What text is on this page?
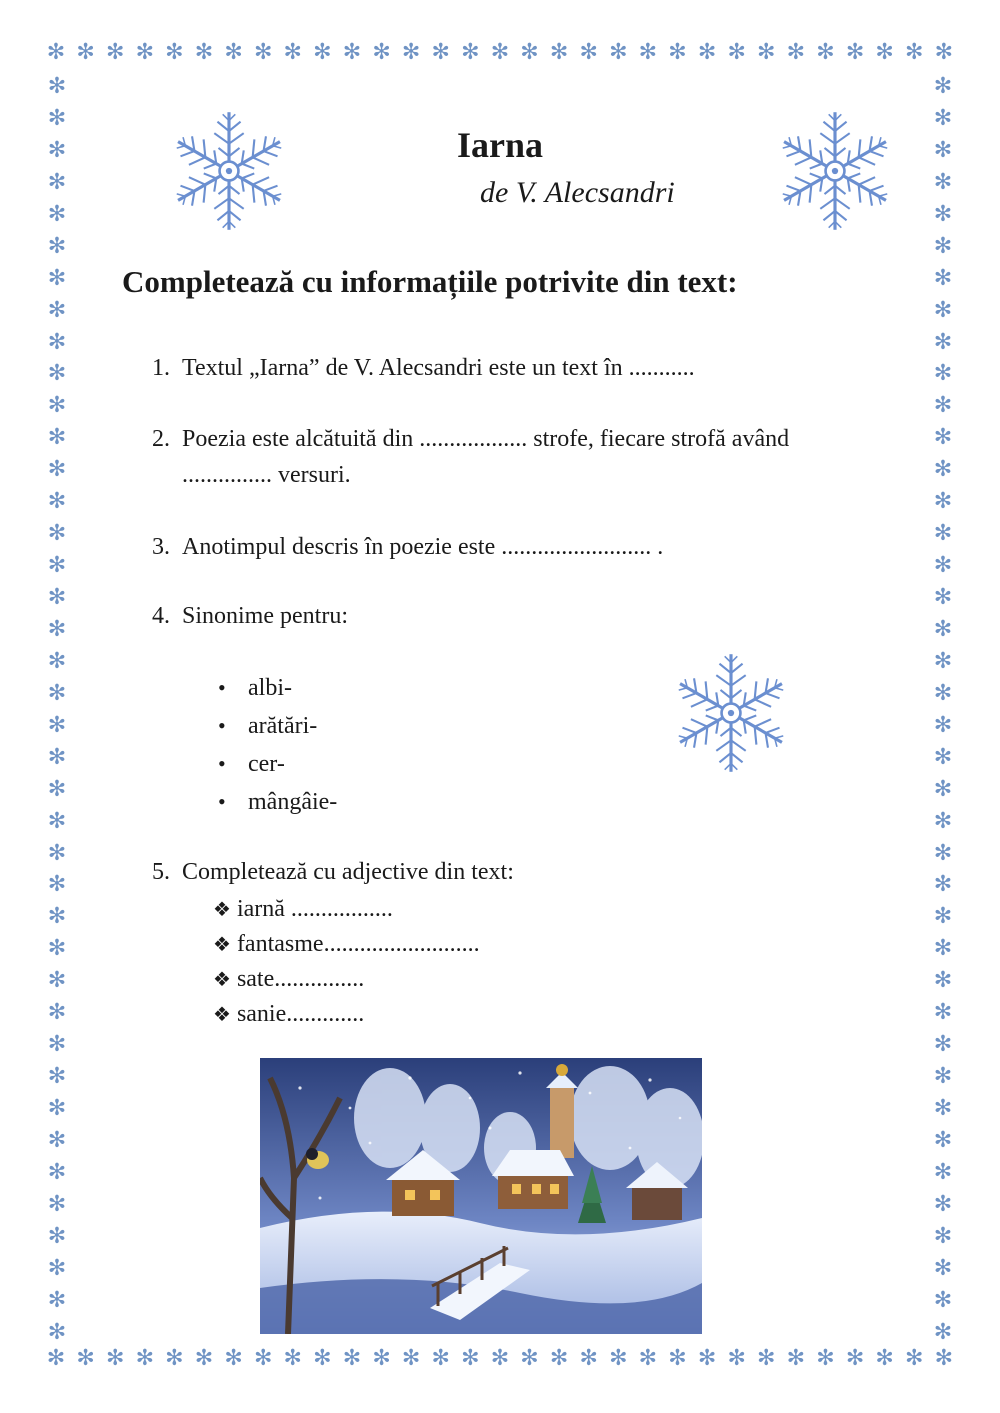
✻ ✻ ✻ ✻ ✻ ✻ ✻ ✻ ✻ ✻ ✻ ✻ ✻ ✻ ✻ ✻ ✻ ✻ ✻ ✻ ✻ ✻ ✻ ✻ ✻ ✻ ✻ ✻ ✻ ✻ ✻
✻ ✻ ✻ ✻ ✻ ✻ ✻ ✻ ✻ ✻ ✻ ✻ ✻ ✻ ✻ ✻ ✻ ✻ ✻ ✻ ✻ ✻ ✻ ✻ ✻ ✻ ✻ ✻ ✻ ✻ ✻
✻
✻
✻
✻
✻
✻
✻
✻
✻
✻
✻
✻
✻
✻
✻
✻
✻
✻
✻
✻
✻
✻
✻
✻
✻
✻
✻
✻
✻
✻
✻
✻
✻
✻
✻
✻
✻
✻
✻
✻
✻
✻
✻
✻
✻
✻
✻
✻
✻
✻
✻
✻
✻
✻
✻
✻
✻
✻
✻
✻
✻
✻
✻
✻
✻
✻
✻
✻
✻
✻
✻
✻
✻
✻
✻
✻
✻
✻
✻
✻
Iarna
de V. Alecsandri
Completează cu informațiile potrivite din text:
1. Textul „Iarna” de V. Alecsandri este un text în ...........
2. Poezia este alcătuită din .................. strofe, fiecare strofă având
............... versuri.
3. Anotimpul descris în poezie este ......................... .
4. Sinonime pentru:
• albi-
• arătări-
• cer-
• mângâie-
5. Completează cu adjective din text:
❖ iarnă .................
❖ fantasme..........................
❖ sate...............
❖ sanie.............
